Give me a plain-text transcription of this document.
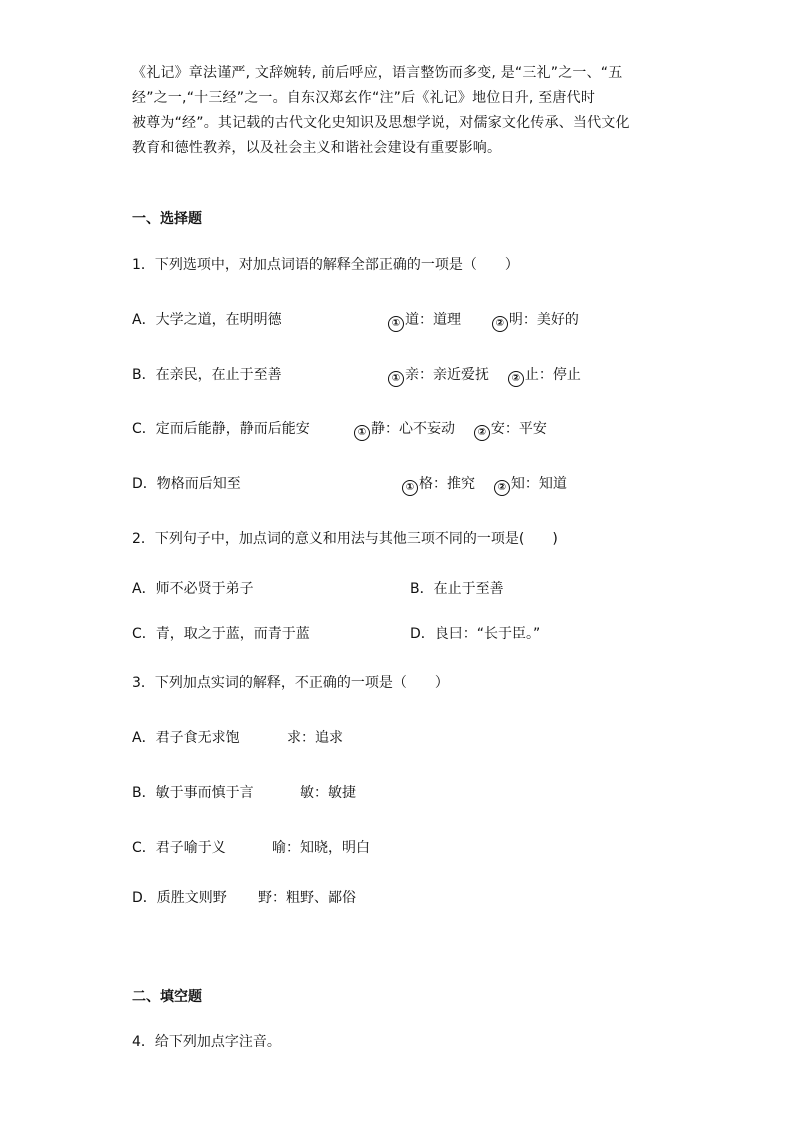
《礼记》章法谨严, 文辞婉转, 前后呼应，语言整饬而多变, 是“三礼”之一、“五
经”之一,“十三经”之一。自东汉郑玄作“注”后《礼记》地位日升, 至唐代时
被尊为“经”。其记载的古代文化史知识及思想学说，对儒家文化传承、当代文化
教育和德性教养，以及社会主义和谐社会建设有重要影响。
一、选择题
1．下列选项中，对加点词语的解释全部正确的一项是（　　）
A．大学之道，在明明德	① 道：道理	② 明：美好的
B．在亲民，在止于至善	① 亲：亲近爱抚 ② 止：停止
C．定而后能静，静而后能安	① 静：心不妄动 ② 安：平安
D．物格而后知至	① 格：推究 ② 知：知道
2．下列句子中，加点词的意义和用法与其他三项不同的一项是(　　)
A．师不必贤于弟子	B．在止于至善
C．青，取之于蓝，而青于蓝	D．良曰：“长于臣。”
3．下列加点实词的解释，不正确的一项是（　　）
A．君子食无求饱	求：追求
B．敏于事而慎于言	敏：敏捷
C．君子喻于义	喻：知晓，明白
D．质胜文则野 野：粗野、鄙俗
二、填空题
4．给下列加点字注音。
